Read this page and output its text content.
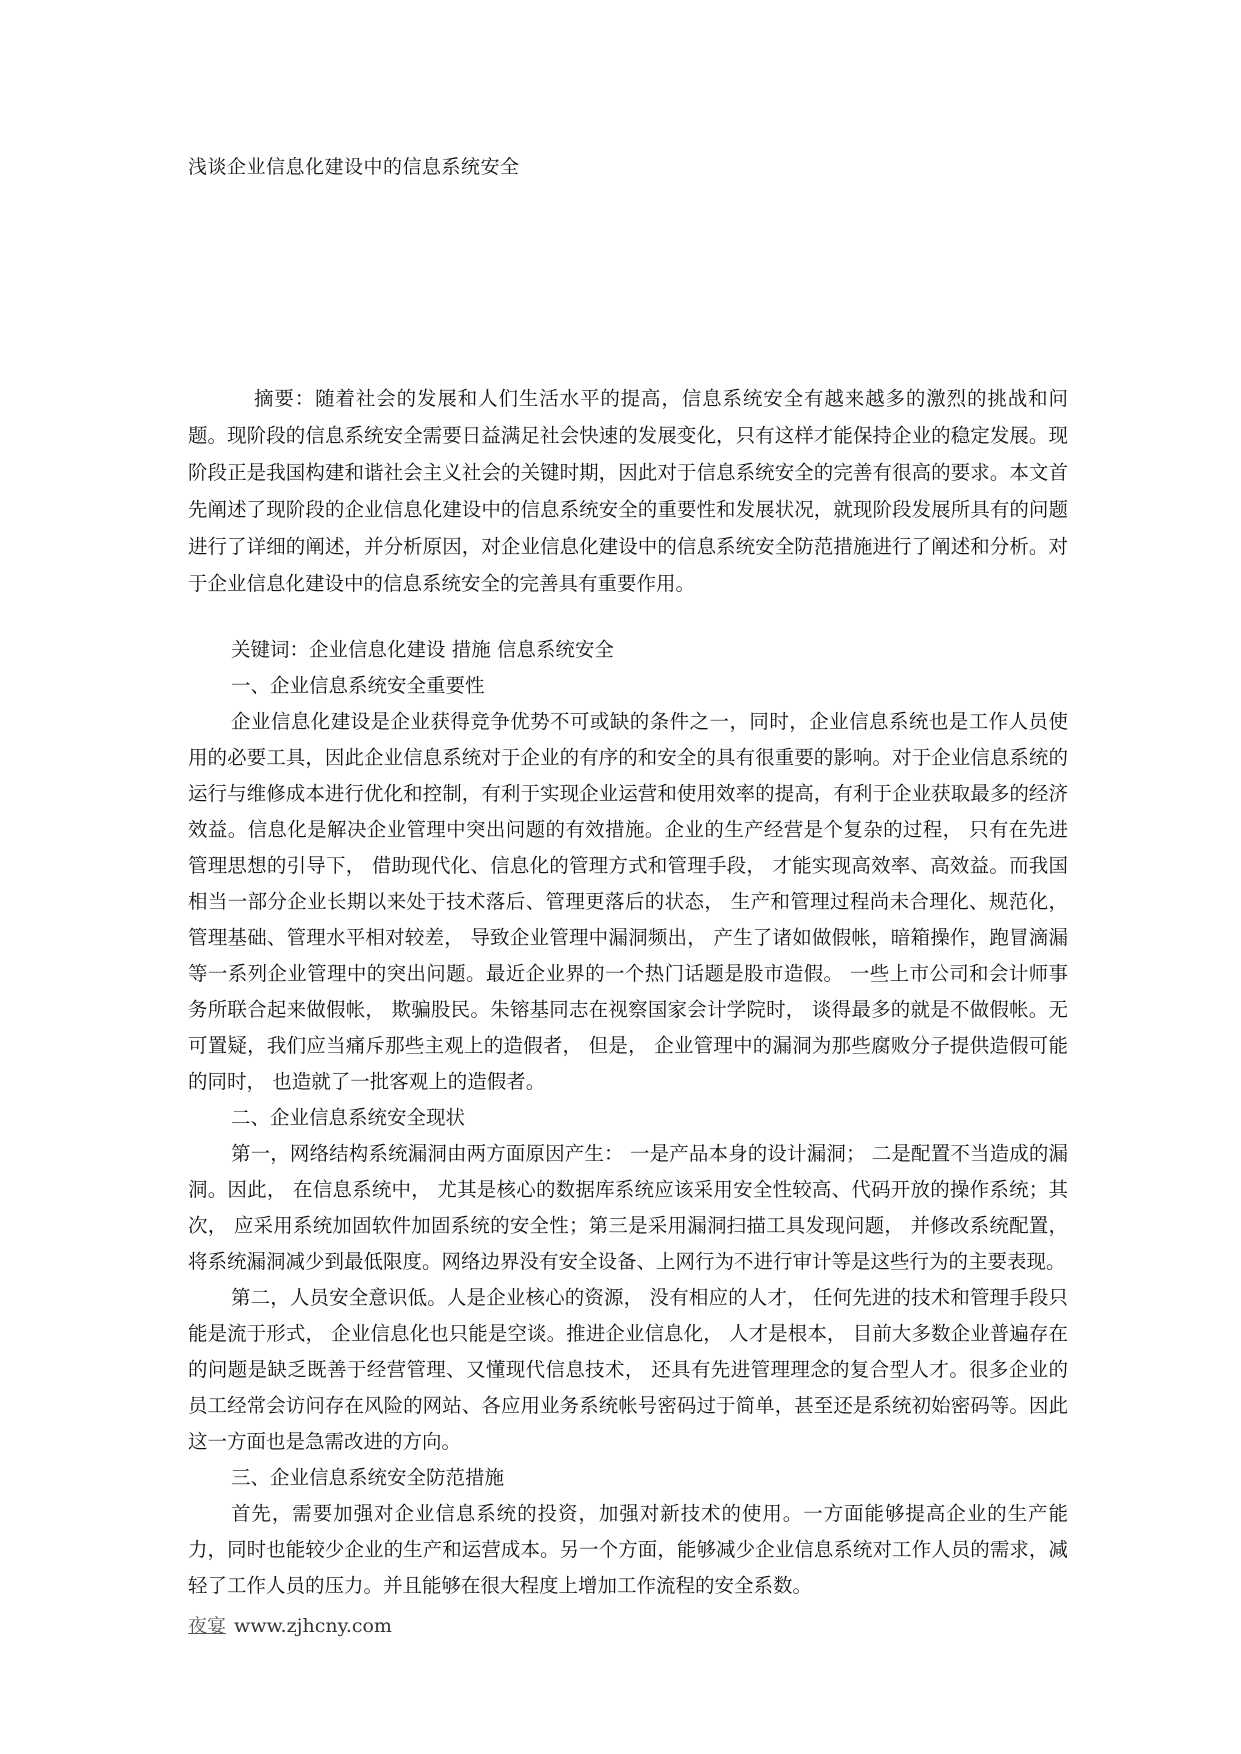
浅谈企业信息化建设中的信息系统安全
摘要：随着社会的发展和人们生活水平的提高，信息系统安全有越来越多的激烈的挑战和问题。现阶段的信息系统安全需要日益满足社会快速的发展变化，只有这样才能保持企业的稳定发展。现阶段正是我国构建和谐社会主义社会的关键时期，因此对于信息系统安全的完善有很高的要求。本文首先阐述了现阶段的企业信息化建设中的信息系统安全的重要性和发展状况，就现阶段发展所具有的问题进行了详细的阐述，并分析原因，对企业信息化建设中的信息系统安全防范措施进行了阐述和分析。对于企业信息化建设中的信息系统安全的完善具有重要作用。

关键词：企业信息化建设 措施 信息系统安全

一、企业信息系统安全重要性

企业信息化建设是企业获得竞争优势不可或缺的条件之一，同时，企业信息系统也是工作人员使用的必要工具，因此企业信息系统对于企业的有序的和安全的具有很重要的影响。对于企业信息系统的运行与维修成本进行优化和控制，有利于实现企业运营和使用效率的提高，有利于企业获取最多的经济效益。信息化是解决企业管理中突出问题的有效措施。企业的生产经营是个复杂的过程， 只有在先进管理思想的引导下， 借助现代化、信息化的管理方式和管理手段， 才能实现高效率、高效益。而我国相当一部分企业长期以来处于技术落后、管理更落后的状态， 生产和管理过程尚未合理化、规范化， 管理基础、管理水平相对较差， 导致企业管理中漏洞频出， 产生了诸如做假帐，暗箱操作，跑冒滴漏等一系列企业管理中的突出问题。最近企业界的一个热门话题是股市造假。 一些上市公司和会计师事务所联合起来做假帐， 欺骗股民。朱镕基同志在视察国家会计学院时， 谈得最多的就是不做假帐。无可置疑，我们应当痛斥那些主观上的造假者， 但是， 企业管理中的漏洞为那些腐败分子提供造假可能的同时， 也造就了一批客观上的造假者。

二、企业信息系统安全现状

第一，网络结构系统漏洞由两方面原因产生： 一是产品本身的设计漏洞； 二是配置不当造成的漏洞。因此， 在信息系统中， 尤其是核心的数据库系统应该采用安全性较高、代码开放的操作系统；其次， 应采用系统加固软件加固系统的安全性；第三是采用漏洞扫描工具发现问题， 并修改系统配置， 将系统漏洞减少到最低限度。网络边界没有安全设备、上网行为不进行审计等是这些行为的主要表现。

第二，人员安全意识低。人是企业核心的资源， 没有相应的人才， 任何先进的技术和管理手段只能是流于形式， 企业信息化也只能是空谈。推进企业信息化， 人才是根本， 目前大多数企业普遍存在的问题是缺乏既善于经营管理、又懂现代信息技术， 还具有先进管理理念的复合型人才。很多企业的员工经常会访问存在风险的网站、各应用业务系统帐号密码过于简单，甚至还是系统初始密码等。因此这一方面也是急需改进的方向。

三、企业信息系统安全防范措施

首先，需要加强对企业信息系统的投资，加强对新技术的使用。一方面能够提高企业的生产能力，同时也能较少企业的生产和运营成本。另一个方面，能够减少企业信息系统对工作人员的需求，减轻了工作人员的压力。并且能够在很大程度上增加工作流程的安全系数。

夜宴 www.zjhcny.com
